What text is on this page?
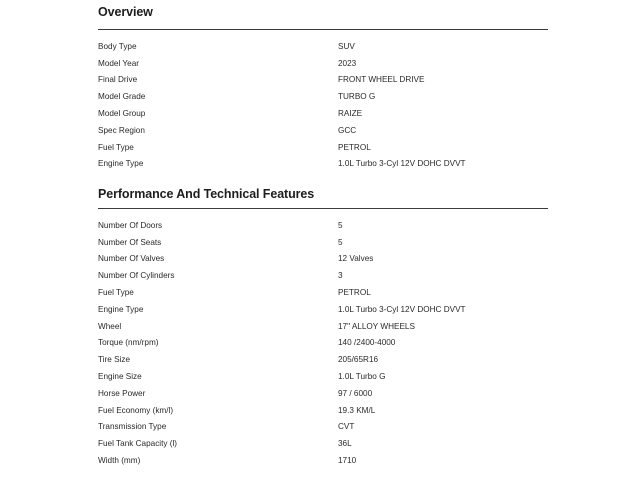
Overview
Body Type	SUV
Model Year	2023
Final Drive	FRONT WHEEL DRIVE
Model Grade	TURBO G
Model Group	RAIZE
Spec Region	GCC
Fuel Type	PETROL
Engine Type	1.0L Turbo 3-Cyl 12V DOHC DVVT
Performance And Technical Features
Number Of Doors	5
Number Of Seats	5
Number Of Valves	12 Valves
Number Of Cylinders	3
Fuel Type	PETROL
Engine Type	1.0L Turbo 3-Cyl 12V DOHC DVVT
Wheel	17" ALLOY WHEELS
Torque (nm/rpm)	140 /2400-4000
Tire Size	205/65R16
Engine Size	1.0L Turbo G
Horse Power	97 / 6000
Fuel Economy (km/l)	19.3 KM/L
Transmission Type	CVT
Fuel Tank Capacity (l)	36L
Width (mm)	1710
